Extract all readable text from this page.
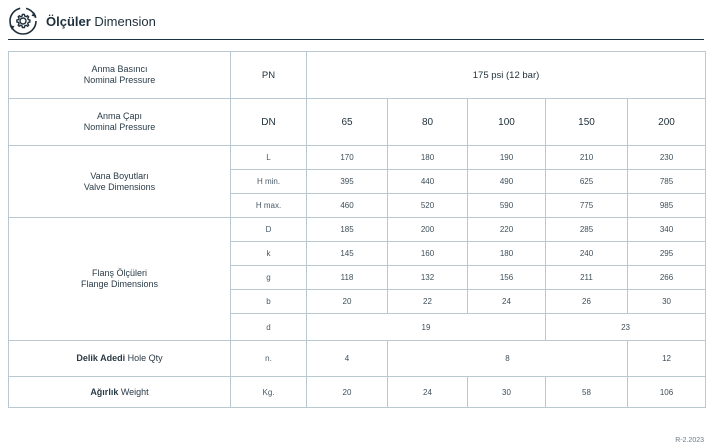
Ölçüler Dimension
Anma Basıncı
Nominal Pressure	PN	175 psi (12 bar)				

Anma Çapı
Nominal Pressure	DN	65	80	100	150	200

Vana Boyutları
Valve Dimensions	L	170	180	190	210	230
	H min.	395	440	490	625	785
	H max.	460	520	590	775	985

Flanş Ölçüleri
Flange Dimensions	D	185	200	220	285	340
	k	145	160	180	240	295
	g	118	132	156	211	266
	b	20	22	24	26	30
	d	19			23	
Delik Adedi Hole Qty	n.	4	8			12
Ağırlık Weight	Kg.	20	24	30	58	106
R-2.2023
